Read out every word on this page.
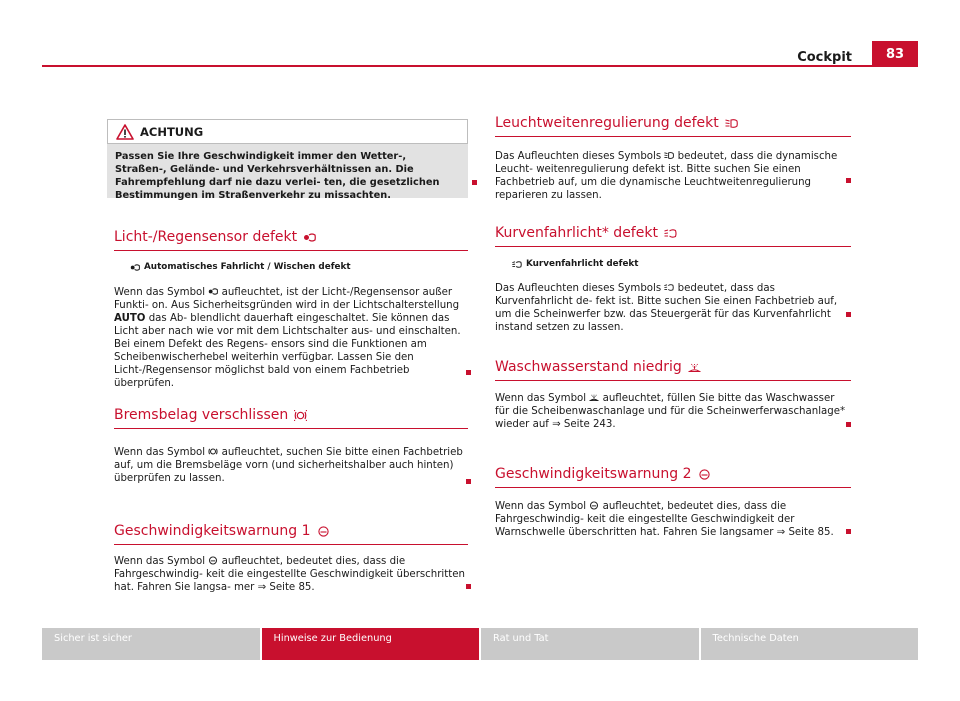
Cockpit	83
ACHTUNG
Passen Sie Ihre Geschwindigkeit immer den Wetter-, Straßen-, Gelände- und Verkehrsverhältnissen an. Die Fahrempfehlung darf nie dazu verlei- ten, die gesetzlichen Bestimmungen im Straßenverkehr zu missachten.
Licht-/Regensensor defekt
Automatisches Fahrlicht / Wischen defekt

Wenn das Symbol aufleuchtet, ist der Licht-/Regensensor außer Funkti- on. Aus Sicherheitsgründen wird in der Lichtschalterstellung AUTO das Ab- blendlicht dauerhaft eingeschaltet. Sie können das Licht aber nach wie vor mit dem Lichtschalter aus- und einschalten. Bei einem Defekt des Regens- ensors sind die Funktionen am Scheibenwischerhebel weiterhin verfügbar. Lassen Sie den Licht-/Regensensor möglichst bald von einem Fachbetrieb überprüfen.

Bremsbelag verschlissen

Wenn das Symbol aufleuchtet, suchen Sie bitte einen Fachbetrieb auf, um die Bremsbeläge vorn (und sicherheitshalber auch hinten) überprüfen zu lassen.

Geschwindigkeitswarnung 1

Wenn das Symbol aufleuchtet, bedeutet dies, dass die Fahrgeschwindig- keit die eingestellte Geschwindigkeit überschritten hat. Fahren Sie langsa- mer ⇒ Seite 85.

Leuchtweitenregulierung defekt

Das Aufleuchten dieses Symbols bedeutet, dass die dynamische Leucht- weitenregulierung defekt ist. Bitte suchen Sie einen Fachbetrieb auf, um die dynamische Leuchtweitenregulierung reparieren zu lassen.

Kurvenfahrlicht* defekt
Kurvenfahrlicht defekt

Das Aufleuchten dieses Symbols bedeutet, dass das Kurvenfahrlicht de- fekt ist. Bitte suchen Sie einen Fachbetrieb auf, um die Scheinwerfer bzw. das Steuergerät für das Kurvenfahrlicht instand setzen zu lassen.

Waschwasserstand niedrig

Wenn das Symbol aufleuchtet, füllen Sie bitte das Waschwasser für die Scheibenwaschanlage und für die Scheinwerferwaschanlage* wieder auf ⇒ Seite 243.

Geschwindigkeitswarnung 2

Wenn das Symbol aufleuchtet, bedeutet dies, dass die Fahrgeschwindig- keit die eingestellte Geschwindigkeit der Warnschwelle überschritten hat. Fahren Sie langsamer ⇒ Seite 85.

Sicher ist sicher	Hinweise zur Bedienung	Rat und Tat	Technische Daten
